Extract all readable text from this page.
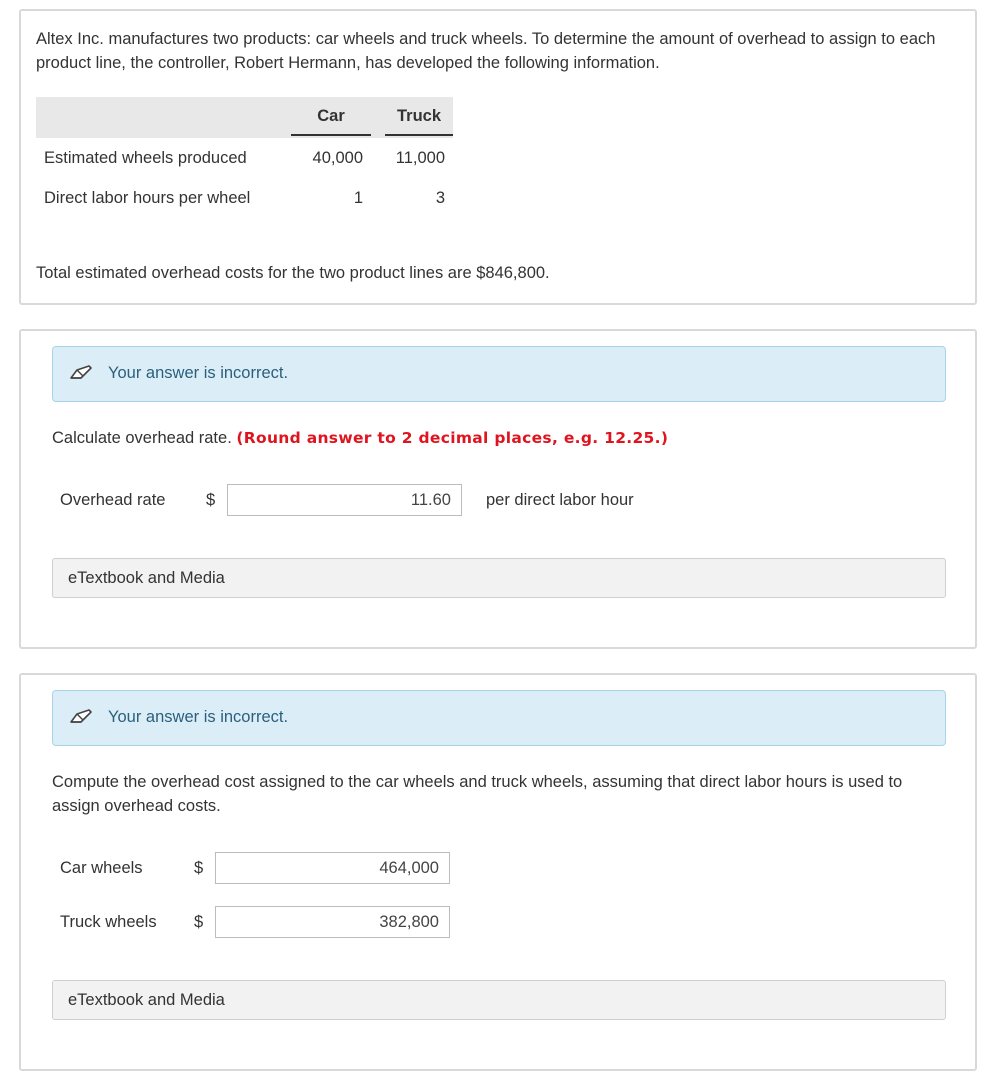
Altex Inc. manufactures two products: car wheels and truck wheels. To determine the amount of overhead to assign to each product line, the controller, Robert Hermann, has developed the following information.
	Car	Truck
Estimated wheels produced	40,000	11,000
Direct labor hours per wheel	1	3
Total estimated overhead costs for the two product lines are $846,800.
Your answer is incorrect.
Calculate overhead rate. (Round answer to 2 decimal places, e.g. 12.25.)
Overhead rate $
11.60	per direct labor hour
eTextbook and Media
Your answer is incorrect.
Compute the overhead cost assigned to the car wheels and truck wheels, assuming that direct labor hours is used to assign overhead costs.
Car wheels	$
464,000
Truck wheels $
382,800
eTextbook and Media
